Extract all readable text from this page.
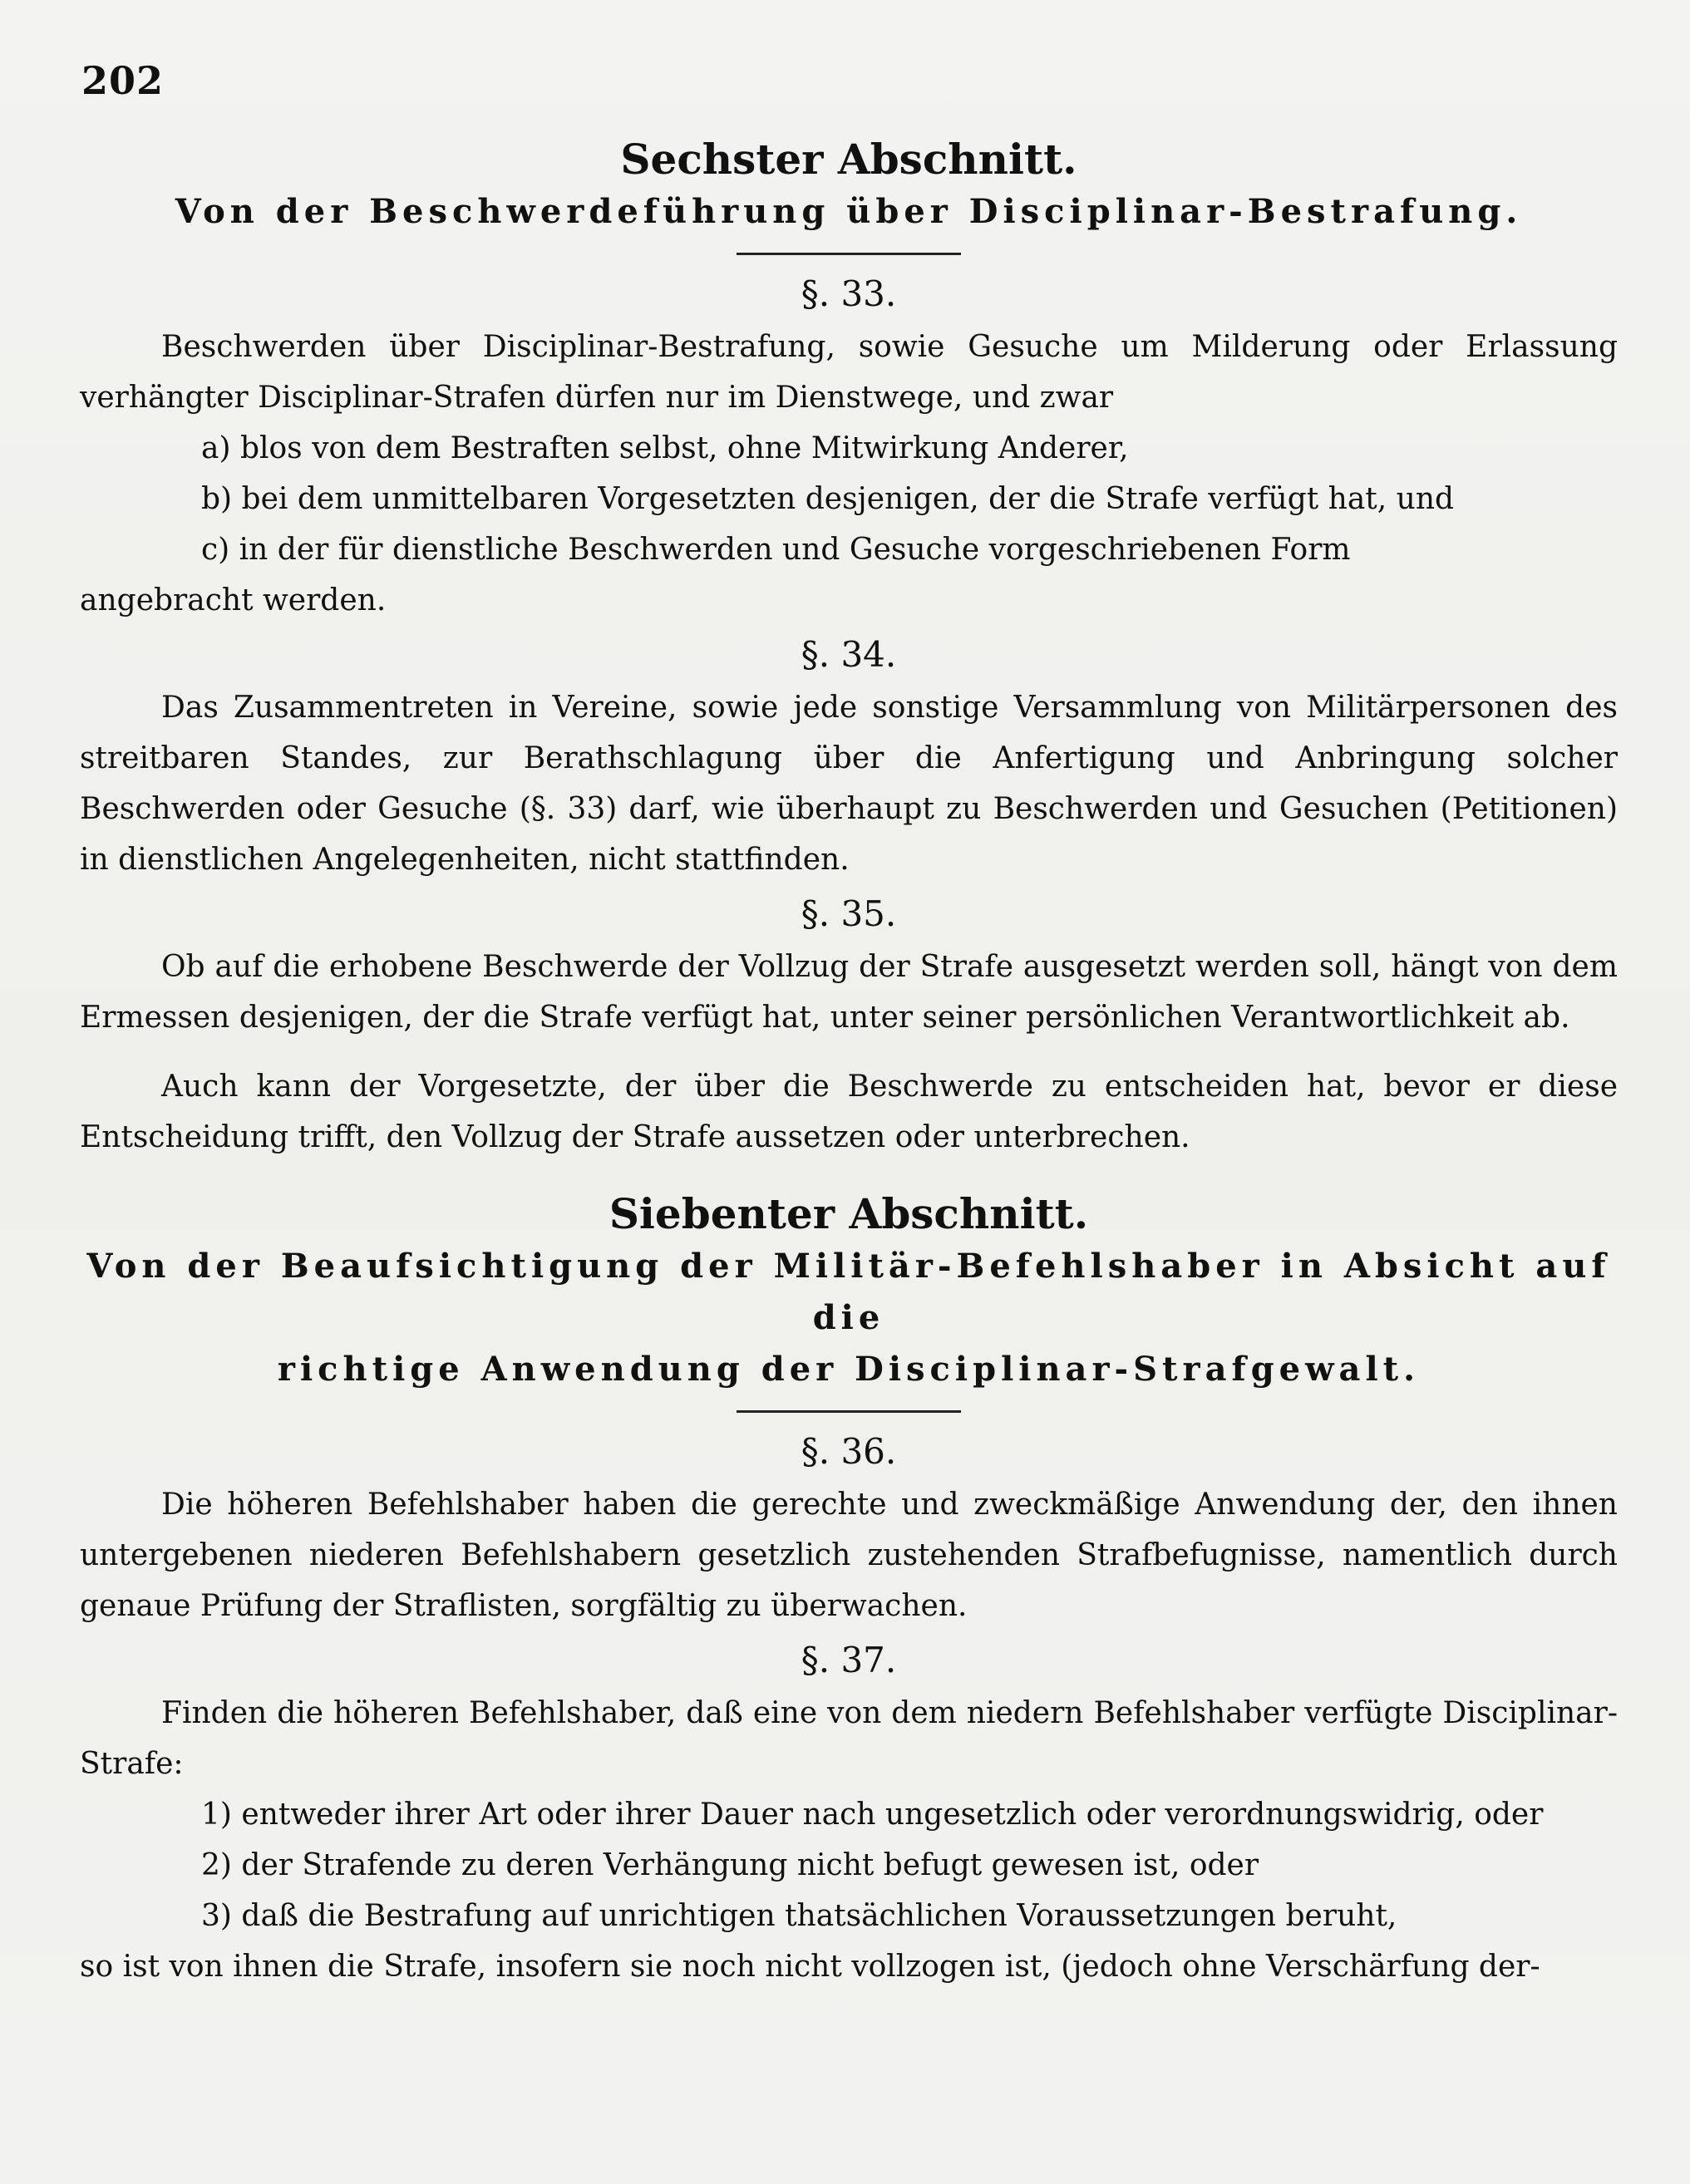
202

Sechster Abschnitt.

Von der Beschwerdeführung über Disciplinar-Bestrafung.

§. 33.

Beschwerden über Disciplinar-Bestrafung, sowie Gesuche um Milderung oder Erlassung verhängter Disciplinar-Strafen dürfen nur im Dienstwege, und zwar

a) blos von dem Bestraften selbst, ohne Mitwirkung Anderer,

b) bei dem unmittelbaren Vorgesetzten desjenigen, der die Strafe verfügt hat, und

c) in der für dienstliche Beschwerden und Gesuche vorgeschriebenen Form

angebracht werden.

§. 34.

Das Zusammentreten in Vereine, sowie jede sonstige Versammlung von Militärpersonen des streitbaren Standes, zur Berathschlagung über die Anfertigung und Anbringung solcher Beschwerden oder Gesuche (§. 33) darf, wie überhaupt zu Beschwerden und Gesuchen (Petitionen) in dienstlichen Angelegenheiten, nicht stattfinden.

§. 35.

Ob auf die erhobene Beschwerde der Vollzug der Strafe ausgesetzt werden soll, hängt von dem Ermessen desjenigen, der die Strafe verfügt hat, unter seiner persönlichen Verantwortlichkeit ab.

Auch kann der Vorgesetzte, der über die Beschwerde zu entscheiden hat, bevor er diese Entscheidung trifft, den Vollzug der Strafe aussetzen oder unterbrechen.

Siebenter Abschnitt.

Von der Beaufsichtigung der Militär-Befehlshaber in Absicht auf die

richtige Anwendung der Disciplinar-Strafgewalt.

§. 36.

Die höheren Befehlshaber haben die gerechte und zweckmäßige Anwendung der, den ihnen untergebenen niederen Befehlshabern gesetzlich zustehenden Strafbefugnisse, namentlich durch genaue Prüfung der Straflisten, sorgfältig zu überwachen.

§. 37.

Finden die höheren Befehlshaber, daß eine von dem niedern Befehlshaber verfügte Disciplinar-Strafe:

1) entweder ihrer Art oder ihrer Dauer nach ungesetzlich oder verordnungswidrig, oder

2) der Strafende zu deren Verhängung nicht befugt gewesen ist, oder

3) daß die Bestrafung auf unrichtigen thatsächlichen Voraussetzungen beruht,

so ist von ihnen die Strafe, insofern sie noch nicht vollzogen ist, (jedoch ohne Verschärfung der-
